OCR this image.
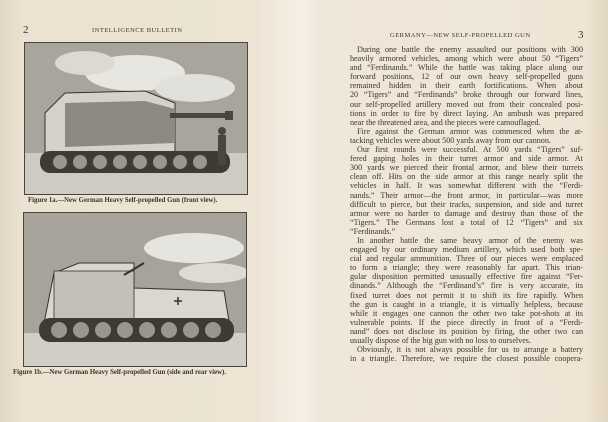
2	INTELLIGENCE BULLETIN
Figure 1a.—New German Heavy Self-propelled Gun (front view).
Figure 1b.—New German Heavy Self-propelled Gun (side and rear view).
GERMANY—NEW SELF-PROPELLED GUN	3
During one battle the enemy assaulted our positions with 300
heavily armored vehicles, among which were about 50 “Tigers”
and “Ferdinands.” While the battle was taking place along our
forward positions, 12 of our own heavy self-propelled guns
remained hidden in their earth fortifications. When about
20 “Tigers” and “Ferdinands” broke through our forward lines,
our self-propelled artillery moved out from their concealed posi-
tions in order to fire by direct laying. An ambush was prepared
near the threatened area, and the pieces were camouflaged.
Fire against the German armor was commenced when the at-
tacking vehicles were about 500 yards away from our cannon.
Our first rounds were successful. At 500 yards “Tigers” suf-
fered gaping holes in their turret armor and side armor. At
300 yards we pierced their frontal armor, and blew their turrets
clean off. Hits on the side armor at this range nearly split the
vehicles in half. It was somewhat different with the “Ferdi-
nands.” Their armor—the front armor, in particular—was more
difficult to pierce, but their tracks, suspension, and side and turret
armor were no harder to damage and destroy than those of the
“Tigers.” The Germans lost a total of 12 “Tigers” and six
“Ferdinands.”
In another battle the same heavy armor of the enemy was
engaged by our ordinary medium artillery, which used both spe-
cial and regular ammunition. Three of our pieces were emplaced
to form a triangle; they were reasonably far apart. This trian-
gular disposition permitted unusually effective fire against “Fer-
dinands.” Although the “Ferdinand’s” fire is very accurate, its
fixed turret does not permit it to shift its fire rapidly. When
the gun is caught in a triangle, it is virtually helpless, because
while it engages one cannon the other two take pot-shots at its
vulnerable points. If the piece directly in front of a “Ferdi-
nand” does not disclose its position by firing, the other two can
usually dispose of the big gun with no loss to ourselves.
Obviously, it is not always possible for us to arrange a battery
in a triangle. Therefore, we require the closest possible coopera-
